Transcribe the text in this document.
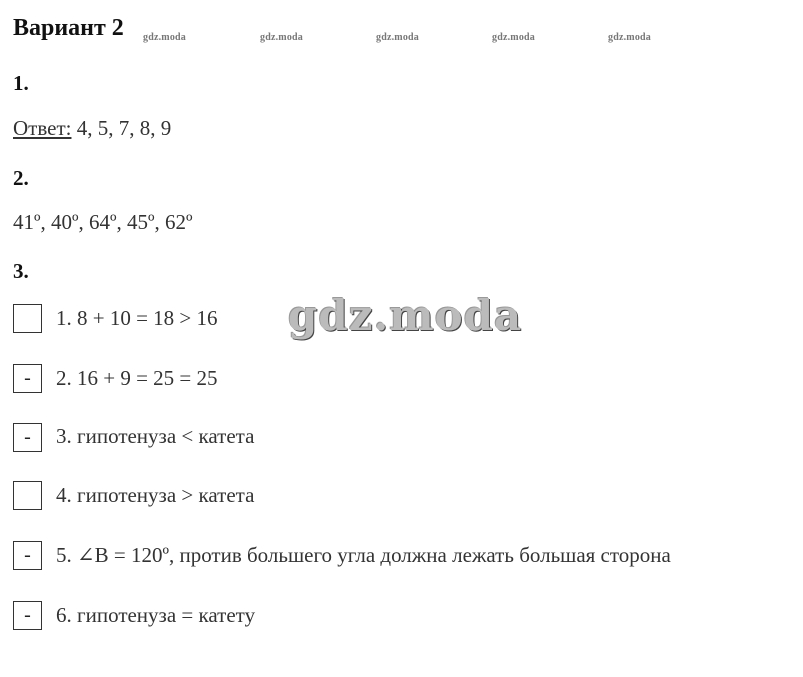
Вариант 2 gdz.moda	gdz.moda	gdz.moda	gdz.moda	gdz.moda
1.
Ответ: 4, 5, 7, 8, 9
2.
41º, 40º, 64º, 45º, 62º
3.
1. 8 + 10 = 18 > 16
-	2. 16 + 9 = 25 = 25
-	3. гипотенуза < катета
4. гипотенуза > катета
-	5. ∠B = 120º, против большего угла должна лежать большая сторона
-	6. гипотенуза = катету
gdz.moda
